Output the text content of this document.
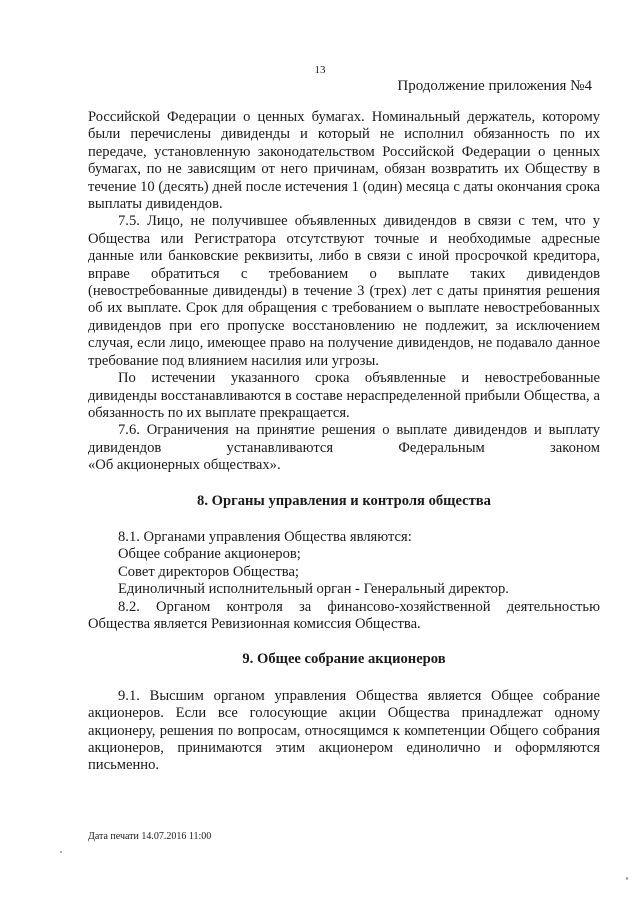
13
Продолжение приложения №4

Российской Федерации о ценных бумагах. Номинальный держатель, которому были перечислены дивиденды и который не исполнил обязанность по их передаче, установленную законодательством Российской Федерации о ценных бумагах, по не зависящим от него причинам, обязан возвратить их Обществу в течение 10 (десять) дней после истечения 1 (один) месяца с даты окончания срока выплаты дивидендов.

7.5. Лицо, не получившее объявленных дивидендов в связи с тем, что у Общества или Регистратора отсутствуют точные и необходимые адресные данные или банковские реквизиты, либо в связи с иной просрочкой кредитора, вправе обратиться с требованием о выплате таких дивидендов (невостребованные дивиденды) в течение 3 (трех) лет с даты принятия решения об их выплате. Срок для обращения с требованием о выплате невостребованных дивидендов при его пропуске восстановлению не подлежит, за исключением случая, если лицо, имеющее право на получение дивидендов, не подавало данное требование под влиянием насилия или угрозы.

По истечении указанного срока объявленные и невостребованные дивиденды восстанавливаются в составе нераспределенной прибыли Общества, а обязанность по их выплате прекращается.

7.6. Ограничения на принятие решения о выплате дивидендов и выплату дивидендов устанавливаются Федеральным законом

«Об акционерных обществах».

8. Органы управления и контроля общества

8.1. Органами управления Общества являются:

Общее собрание акционеров;

Совет директоров Общества;

Единоличный исполнительный орган - Генеральный директор.

8.2. Органом контроля за финансово-хозяйственной деятельностью Общества является Ревизионная комиссия Общества.

9. Общее собрание акционеров

9.1. Высшим органом управления Общества является Общее собрание акционеров. Если все голосующие акции Общества принадлежат одному акционеру, решения по вопросам, относящимся к компетенции Общего собрания акционеров, принимаются этим акционером единолично и оформляются письменно.

Дата печати 14.07.2016 11:00
